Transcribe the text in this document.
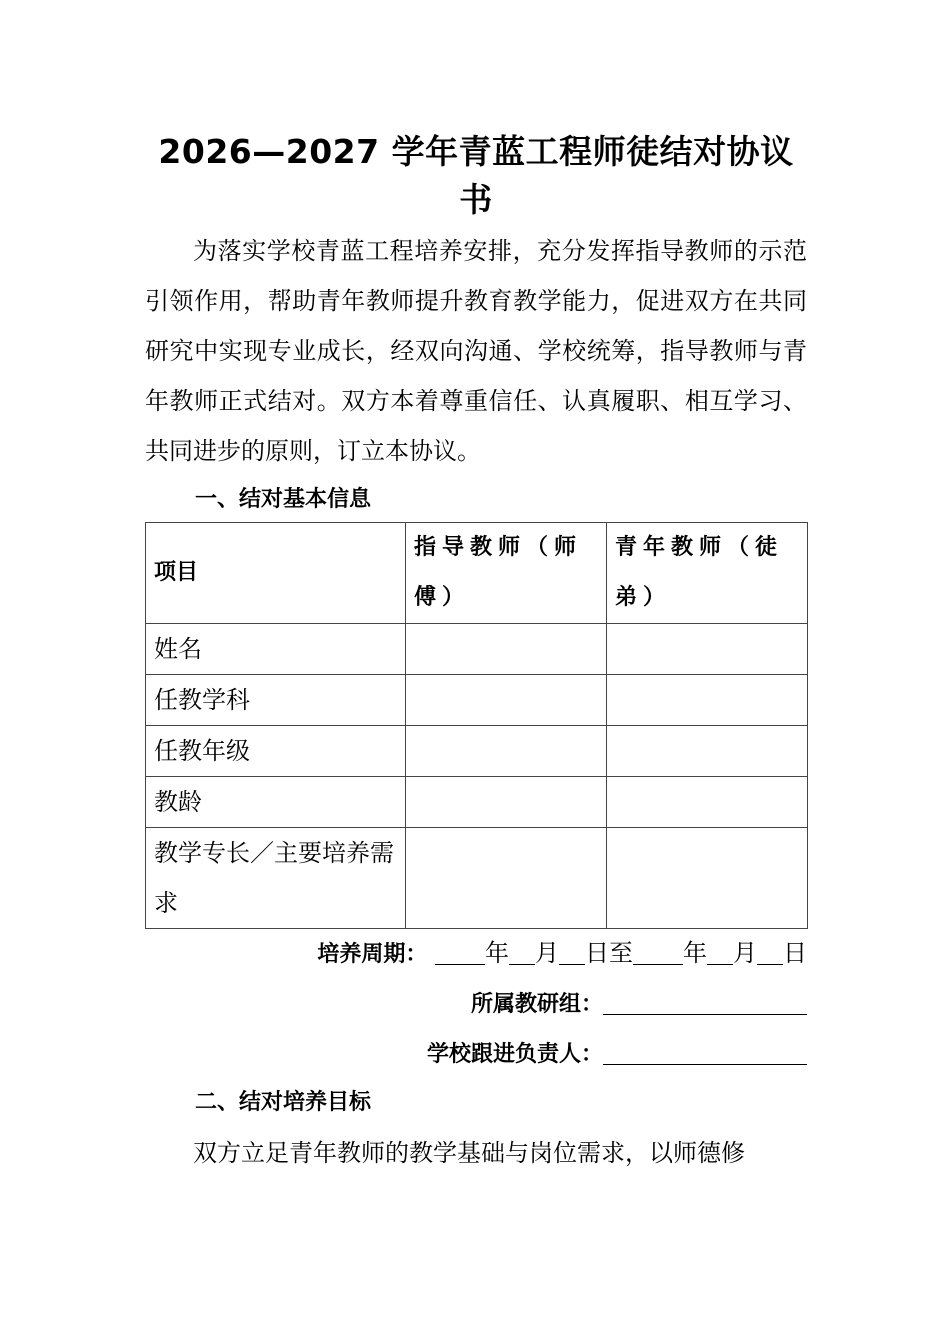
2026—2027 学年青蓝工程师徒结对协议书
为落实学校青蓝工程培养安排，充分发挥指导教师的示范引领作用，帮助青年教师提升教育教学能力，促进双方在共同研究中实现专业成长，经双向沟通、学校统筹，指导教师与青年教师正式结对。双方本着尊重信任、认真履职、相互学习、共同进步的原则，订立本协议。
一、结对基本信息
项目	指导教师（师傅）	青年教师（徒弟）
姓名		
任教学科		
任教年级		
教龄		
教学专长／主要培养需求		
培养周期： 年 月 日至 年 月 日
所属教研组：
学校跟进负责人：
二、结对培养目标
双方立足青年教师的教学基础与岗位需求，以师德修
